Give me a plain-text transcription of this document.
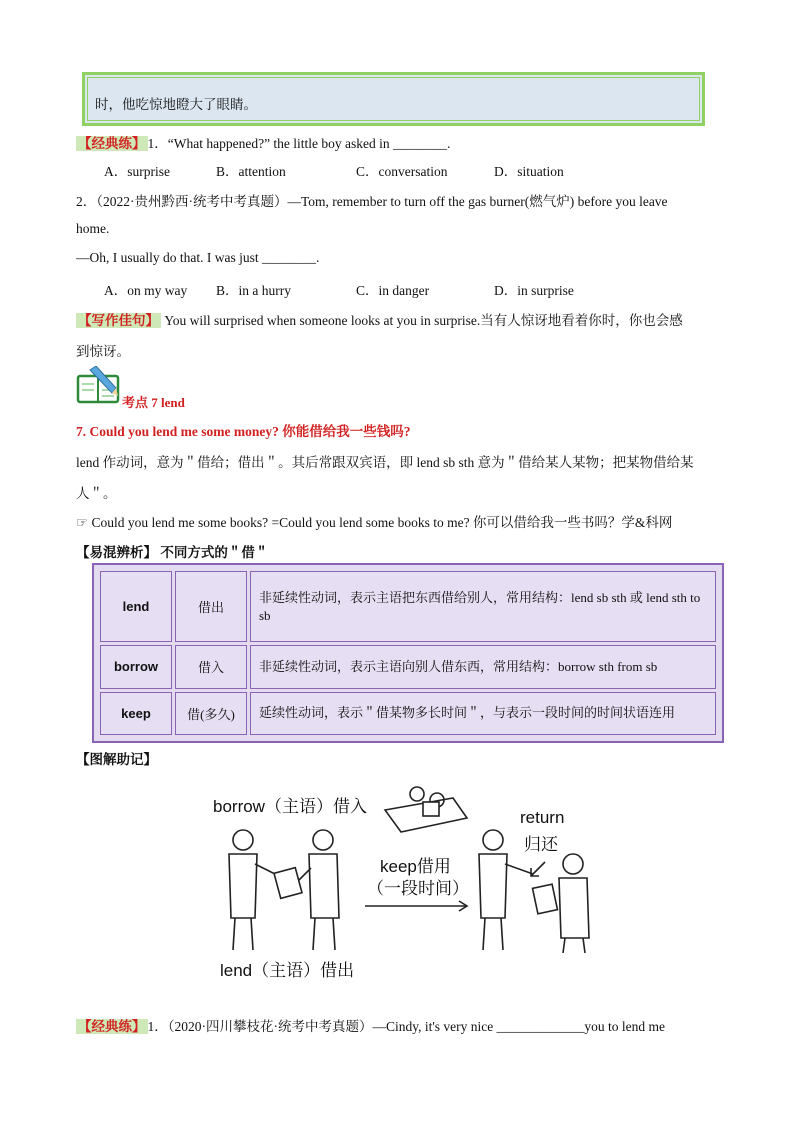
时，他吃惊地瞪大了眼睛。
【经典练】 1．“What happened?” the little boy asked in ________.
A．surprise	B．attention	C．conversation	D．situation
2．（2022·贵州黔西·统考中考真题）—Tom, remember to turn off the gas burner(燃气炉) before you leave
home.
—Oh, I usually do that. I was just ________.
A．on my way B．in a hurry	C．in danger	D．in surprise
【写作佳句】 You will surprised when someone looks at you in surprise.当有人惊讶地看着你时，你也会感
到惊讶。
考点 7 lend
7. Could you lend me some money? 你能借给我一些钱吗?
lend 作动词，意为＂借给；借出＂。其后常跟双宾语，即 lend sb sth 意为＂借给某人某物；把某物借给某
人＂。
☞ Could you lend me some books? =Could you lend some books to me? 你可以借给我一些书吗？学&科网
【易混辨析】 不同方式的＂借＂
lend	借出	非延续性动词，表示主语把东西借给别人，常用结构：lend sb sth 或 lend sth to sb
borrow	借入	非延续性动词，表示主语向别人借东西，常用结构：borrow sth from sb
keep	借(多久)	延续性动词，表示＂借某物多长时间＂，与表示一段时间的时间状语连用
【图解助记】
borrow（主语）借入
keep借用
（一段时间）
return
归还
lend（主语）借出
【经典练】 1．（2020·四川攀枝花·统考中考真题）—Cindy, it's very nice _____________you to lend me
